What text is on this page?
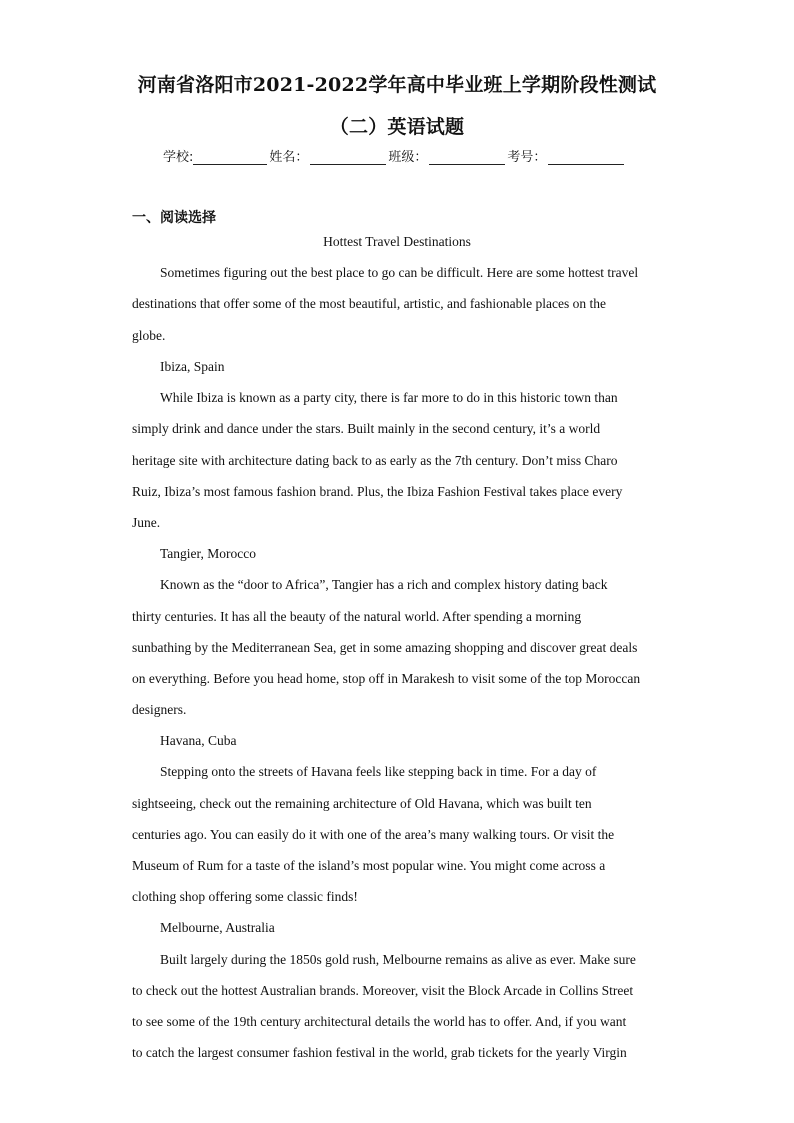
河南省洛阳市2021-2022学年高中毕业班上学期阶段性测试
（二）英语试题
学校:	姓名：	班级：	考号：
一、阅读选择
Hottest Travel Destinations
Sometimes figuring out the best place to go can be difficult. Here are some hottest travel
destinations that offer some of the most beautiful, artistic, and fashionable places on the
globe.
Ibiza, Spain
While Ibiza is known as a party city, there is far more to do in this historic town than
simply drink and dance under the stars. Built mainly in the second century, it’s a world
heritage site with architecture dating back to as early as the 7th century. Don’t miss Charo
Ruiz, Ibiza’s most famous fashion brand. Plus, the Ibiza Fashion Festival takes place every
June.
Tangier, Morocco
Known as the “door to Africa”, Tangier has a rich and complex history dating back
thirty centuries. It has all the beauty of the natural world. After spending a morning
sunbathing by the Mediterranean Sea, get in some amazing shopping and discover great deals
on everything. Before you head home, stop off in Marakesh to visit some of the top Moroccan
designers.
Havana, Cuba
Stepping onto the streets of Havana feels like stepping back in time. For a day of
sightseeing, check out the remaining architecture of Old Havana, which was built ten
centuries ago. You can easily do it with one of the area’s many walking tours. Or visit the
Museum of Rum for a taste of the island’s most popular wine. You might come across a
clothing shop offering some classic finds!
Melbourne, Australia
Built largely during the 1850s gold rush, Melbourne remains as alive as ever. Make sure
to check out the hottest Australian brands. Moreover, visit the Block Arcade in Collins Street
to see some of the 19th century architectural details the world has to offer. And, if you want
to catch the largest consumer fashion festival in the world, grab tickets for the yearly Virgin
